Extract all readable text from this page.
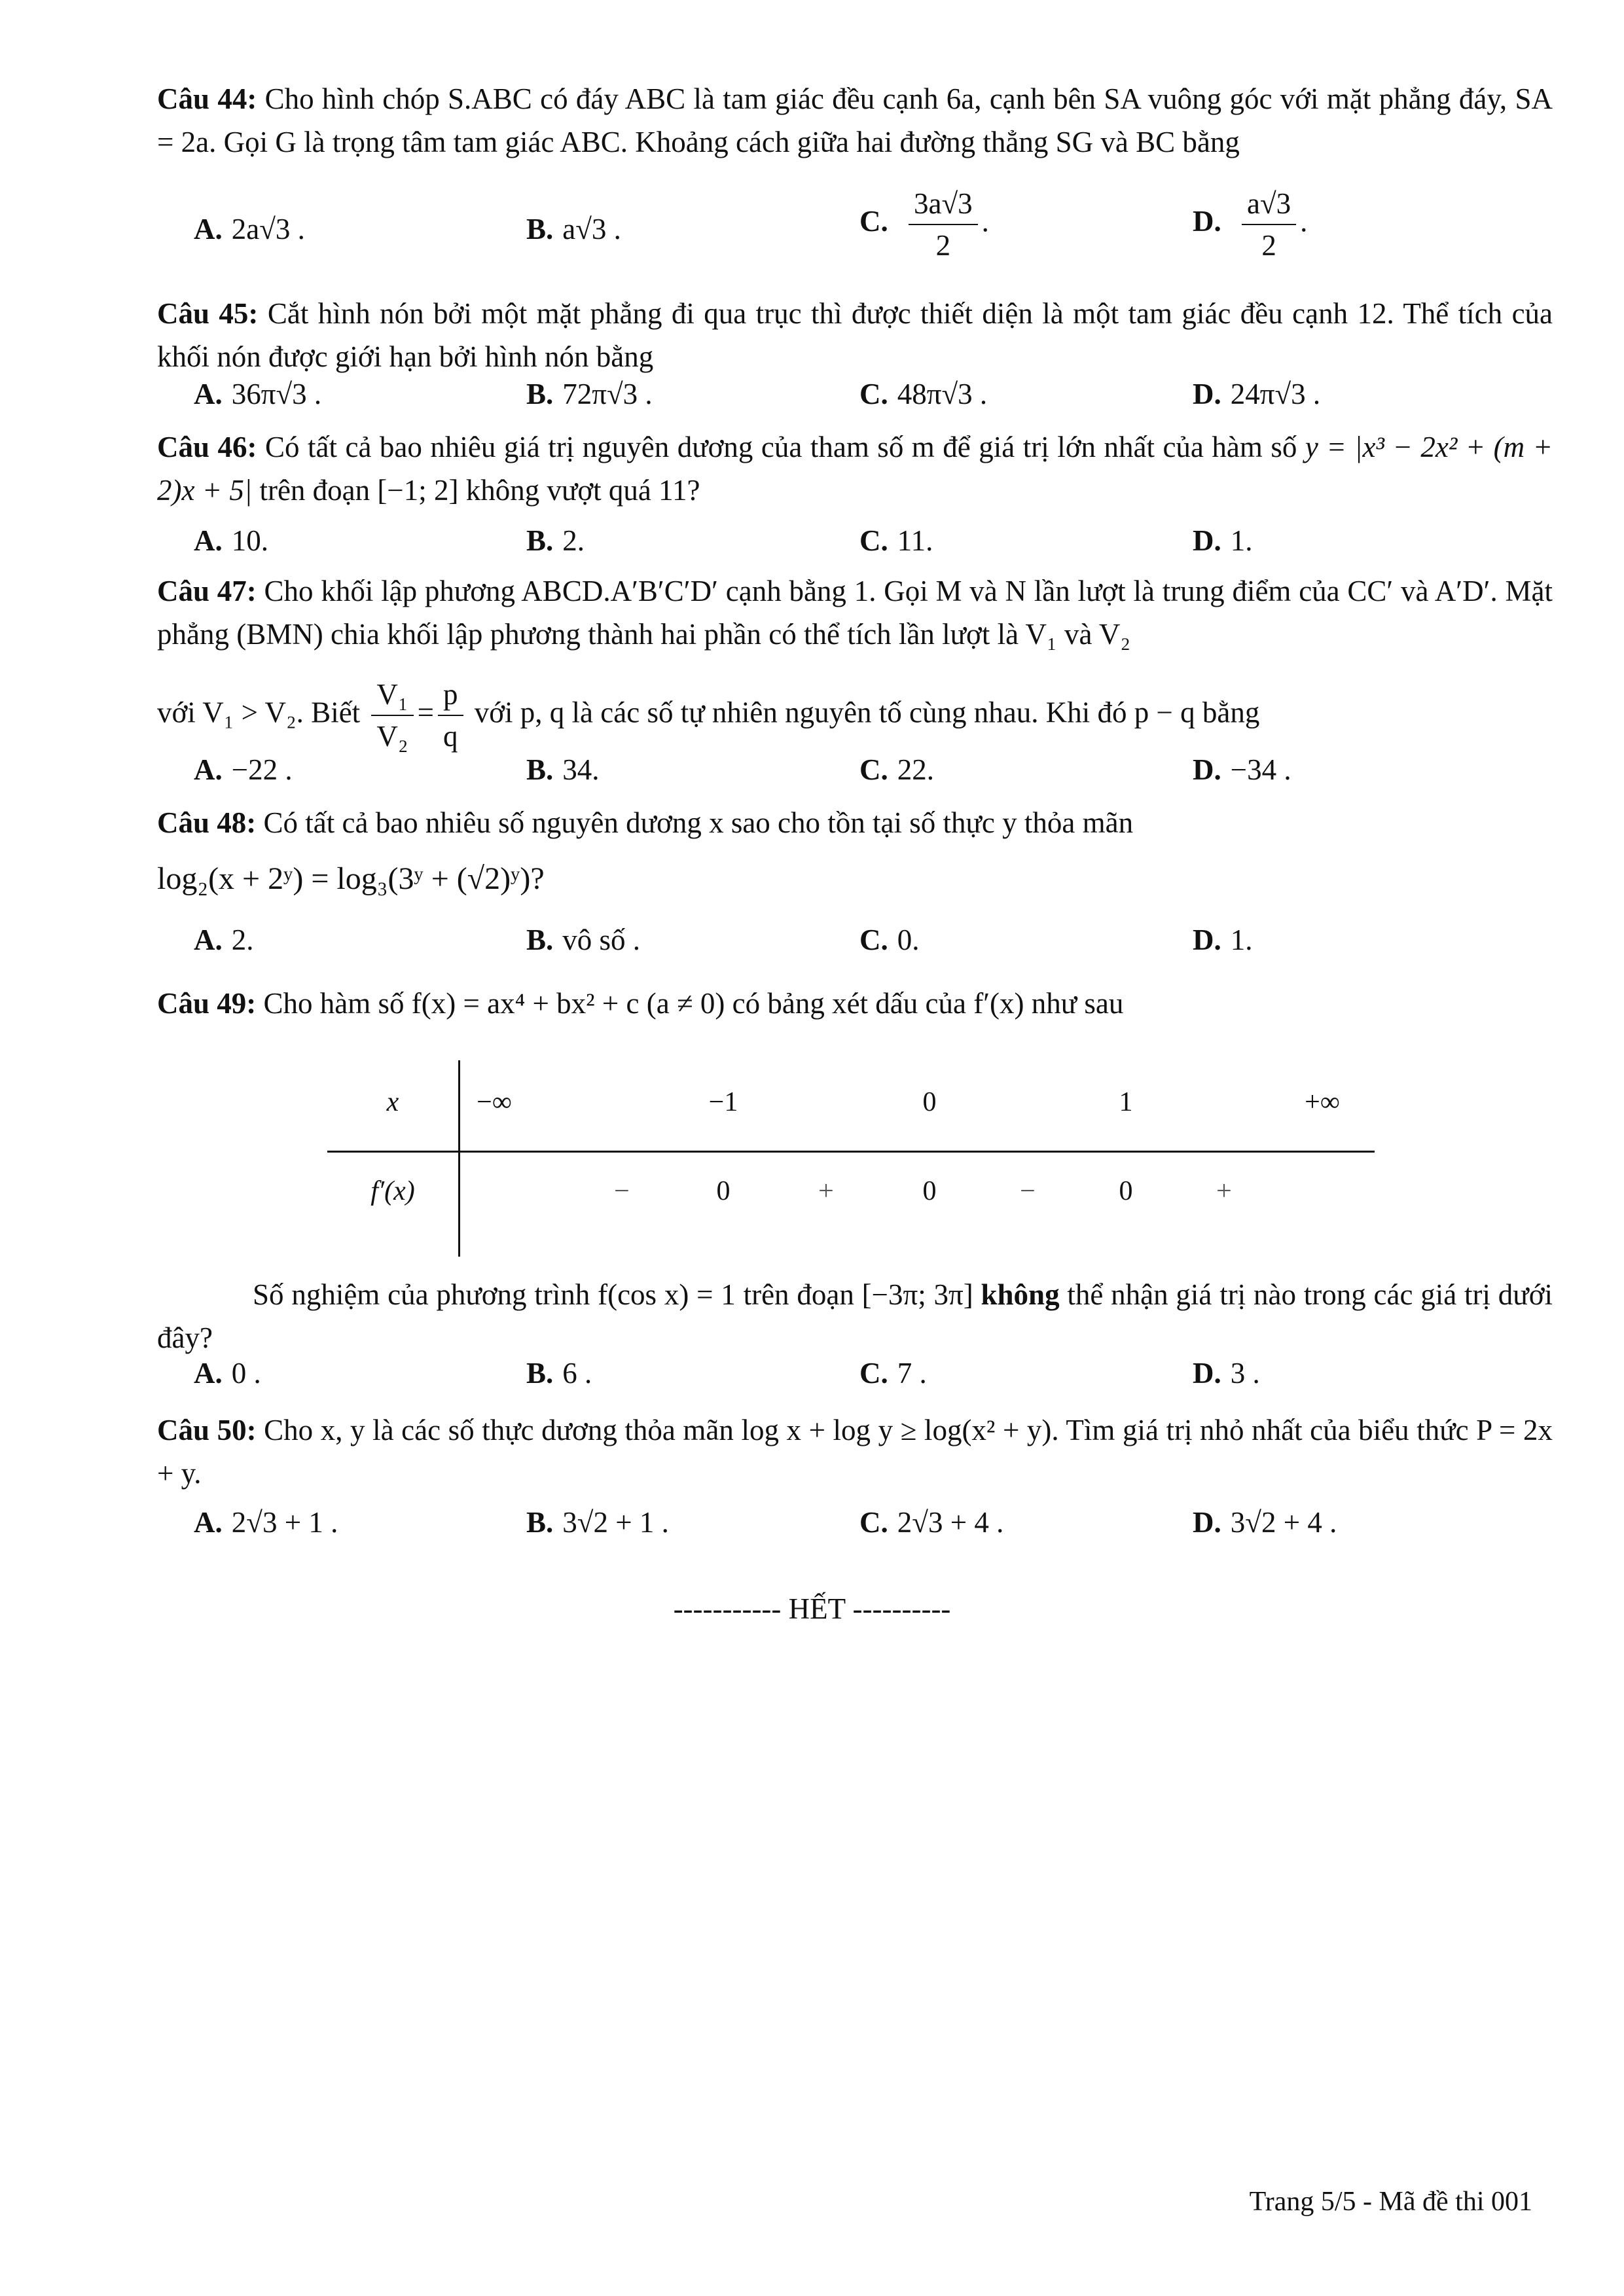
Câu 44: Cho hình chóp S.ABC có đáy ABC là tam giác đều cạnh 6a, cạnh bên SA vuông góc với mặt phẳng đáy, SA = 2a. Gọi G là trọng tâm tam giác ABC. Khoảng cách giữa hai đường thẳng SG và BC bằng
A. 2a√3 .	B. a√3 .	C. $\frac{3a√3}{2}$ .	D. $\frac{a√3}{2}$ .
Câu 45: Cắt hình nón bởi một mặt phẳng đi qua trục thì được thiết diện là một tam giác đều cạnh 12. Thể tích của khối nón được giới hạn bởi hình nón bằng
A. 36π√3 .	B. 72π√3 .	C. 48π√3 .	D. 24π√3 .
Câu 46: Có tất cả bao nhiêu giá trị nguyên dương của tham số m để giá trị lớn nhất của hàm số y = |x³ − 2x² + (m + 2)x + 5| trên đoạn [−1; 2] không vượt quá 11?
A. 10.	B. 2.	C. 11.	D. 1.
Câu 47: Cho khối lập phương ABCD.A′B′C′D′ cạnh bằng 1. Gọi M và N lần lượt là trung điểm của CC′ và A′D′. Mặt phẳng (BMN) chia khối lập phương thành hai phần có thể tích lần lượt là V₁ và V₂
với V₁ > V₂. Biết $\frac{\text{V₁}}{\text{V₂}} = \frac{p}{q}$ với p, q là các số tự nhiên nguyên tố cùng nhau. Khi đó p − q bằng
A. −22 .	B. 34.	C. 22.	D. −34 .
Câu 48: Có tất cả bao nhiêu số nguyên dương x sao cho tồn tại số thực y thỏa mãn
log₂(x + 2ʸ) = log₃(3ʸ + (√2)ʸ)?
A. 2.	B. vô số .	C. 0.	D. 1.
Câu 49: Cho hàm số f(x) = ax⁴ + bx² + c (a ≠ 0) có bảng xét dấu của f′(x) như sau
x	−∞	−1	0	1	+∞
f′(x)	−	0	+	0	−	0	+
Số nghiệm của phương trình f(cos x) = 1 trên đoạn [−3π; 3π] không thể nhận giá trị nào trong các giá trị dưới đây?
A. 0 .	B. 6 .	C. 7 .	D. 3 .
Câu 50: Cho x, y là các số thực dương thỏa mãn log x + log y ≥ log(x² + y). Tìm giá trị nhỏ nhất của biểu thức P = 2x + y.
A. 2√3 + 1 .	B. 3√2 + 1 .	C. 2√3 + 4 .	D. 3√2 + 4 .
----------- HẾT ----------
Trang 5/5 - Mã đề thi 001
